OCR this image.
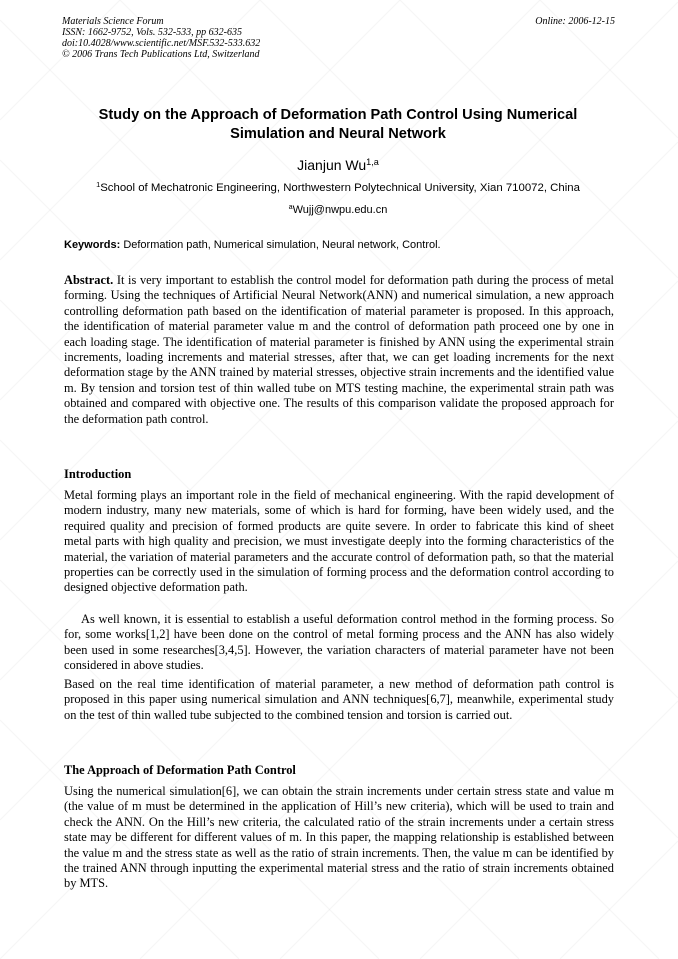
Materials Science Forum
ISSN: 1662-9752, Vols. 532-533, pp 632-635
doi:10.4028/www.scientific.net/MSF.532-533.632
© 2006 Trans Tech Publications Ltd, Switzerland
Online: 2006-12-15
Study on the Approach of Deformation Path Control Using Numerical Simulation and Neural Network
Jianjun Wu$^{1,a}$
$^1$School of Mechatronic Engineering, Northwestern Polytechnical University, Xian 710072, China
$^a$Wujj@nwpu.edu.cn
Keywords: Deformation path, Numerical simulation, Neural network, Control.
Abstract. It is very important to establish the control model for deformation path during the process of metal forming. Using the techniques of Artificial Neural Network(ANN) and numerical simulation, a new approach controlling deformation path based on the identification of material parameter is proposed. In this approach, the identification of material parameter value m and the control of deformation path proceed one by one in each loading stage. The identification of material parameter is finished by ANN using the experimental strain increments, loading increments and material stresses, after that, we can get loading increments for the next deformation stage by the ANN trained by material stresses, objective strain increments and the identified value m. By tension and torsion test of thin walled tube on MTS testing machine, the experimental strain path was obtained and compared with objective one. The results of this comparison validate the proposed approach for the deformation path control.
Introduction
Metal forming plays an important role in the field of mechanical engineering. With the rapid development of modern industry, many new materials, some of which is hard for forming, have been widely used, and the required quality and precision of formed products are quite severe. In order to fabricate this kind of sheet metal parts with high quality and precision, we must investigate deeply into the forming characteristics of the material, the variation of material parameters and the accurate control of deformation path, so that the material properties can be correctly used in the simulation of forming process and the deformation control according to designed objective deformation path.
As well known, it is essential to establish a useful deformation control method in the forming process. So for, some works[1,2] have been done on the control of metal forming process and the ANN has also widely been used in some researches[3,4,5]. However, the variation characters of material parameter have not been considered in above studies.
Based on the real time identification of material parameter, a new method of deformation path control is proposed in this paper using numerical simulation and ANN techniques[6,7], meanwhile, experimental study on the test of thin walled tube subjected to the combined tension and torsion is carried out.
The Approach of Deformation Path Control
Using the numerical simulation[6], we can obtain the strain increments under certain stress state and value m (the value of m must be determined in the application of Hill’s new criteria), which will be used to train and check the ANN. On the Hill’s new criteria, the calculated ratio of the strain increments under a certain stress state may be different for different values of m. In this paper, the mapping relationship is established between the value m and the stress state as well as the ratio of strain increments. Then, the value m can be identified by the trained ANN through inputting the experimental material stress and the ratio of strain increments obtained by MTS.
